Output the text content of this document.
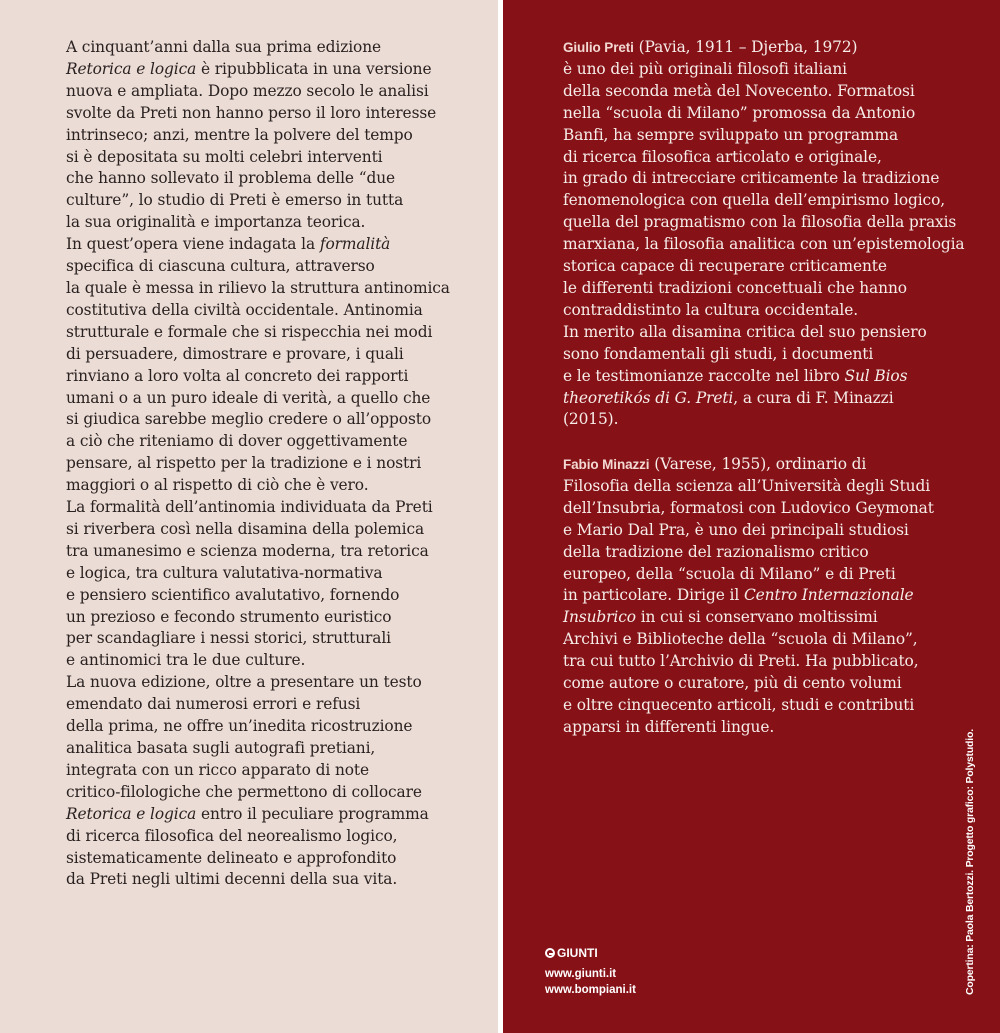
A cinquant’anni dalla sua prima edizione
Retorica e logica è ripubblicata in una versione
nuova e ampliata. Dopo mezzo secolo le analisi
svolte da Preti non hanno perso il loro interesse
intrinseco; anzi, mentre la polvere del tempo
si è depositata su molti celebri interventi
che hanno sollevato il problema delle “due
culture”, lo studio di Preti è emerso in tutta
la sua originalità e importanza teorica.
In quest’opera viene indagata la formalità
specifica di ciascuna cultura, attraverso
la quale è messa in rilievo la struttura antinomica
costitutiva della civiltà occidentale. Antinomia
strutturale e formale che si rispecchia nei modi
di persuadere, dimostrare e provare, i quali
rinviano a loro volta al concreto dei rapporti
umani o a un puro ideale di verità, a quello che
si giudica sarebbe meglio credere o all’opposto
a ciò che riteniamo di dover oggettivamente
pensare, al rispetto per la tradizione e i nostri
maggiori o al rispetto di ciò che è vero.
La formalità dell’antinomia individuata da Preti
si riverbera così nella disamina della polemica
tra umanesimo e scienza moderna, tra retorica
e logica, tra cultura valutativa-normativa
e pensiero scientifico avalutativo, fornendo
un prezioso e fecondo strumento euristico
per scandagliare i nessi storici, strutturali
e antinomici tra le due culture.
La nuova edizione, oltre a presentare un testo
emendato dai numerosi errori e refusi
della prima, ne offre un’inedita ricostruzione
analitica basata sugli autografi pretiani,
integrata con un ricco apparato di note
critico-filologiche che permettono di collocare
Retorica e logica entro il peculiare programma
di ricerca filosofica del neorealismo logico,
sistematicamente delineato e approfondito
da Preti negli ultimi decenni della sua vita.
Giulio Preti (Pavia, 1911 – Djerba, 1972)
è uno dei più originali filosofi italiani
della seconda metà del Novecento. Formatosi
nella “scuola di Milano” promossa da Antonio
Banfi, ha sempre sviluppato un programma
di ricerca filosofica articolato e originale,
in grado di intrecciare criticamente la tradizione
fenomenologica con quella dell’empirismo logico,
quella del pragmatismo con la filosofia della praxis
marxiana, la filosofia analitica con un’epistemologia
storica capace di recuperare criticamente
le differenti tradizioni concettuali che hanno
contraddistinto la cultura occidentale.
In merito alla disamina critica del suo pensiero
sono fondamentali gli studi, i documenti
e le testimonianze raccolte nel libro Sul Bios
theoretikós di G. Preti, a cura di F. Minazzi
(2015).
Fabio Minazzi (Varese, 1955), ordinario di
Filosofia della scienza all’Università degli Studi
dell’Insubria, formatosi con Ludovico Geymonat
e Mario Dal Pra, è uno dei principali studiosi
della tradizione del razionalismo critico
europeo, della “scuola di Milano” e di Preti
in particolare. Dirige il Centro Internazionale
Insubrico in cui si conservano moltissimi
Archivi e Biblioteche della “scuola di Milano”,
tra cui tutto l’Archivio di Preti. Ha pubblicato,
come autore o curatore, più di cento volumi
e oltre cinquecento articoli, studi e contributi
apparsi in differenti lingue.
GIUNTI
www.giunti.it
www.bompiani.it	Copertina: Paola Bertozzi. Progetto grafico: Polystudio.
